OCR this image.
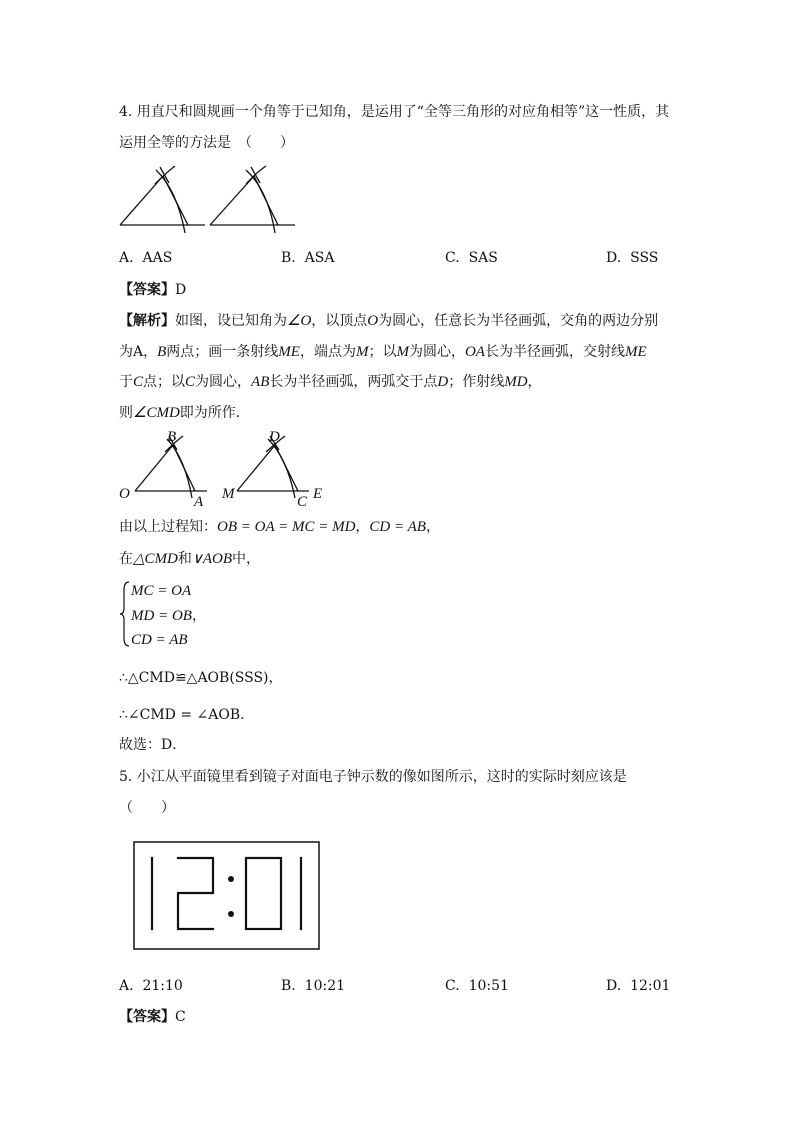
4. 用直尺和圆规画一个角等于已知角，是运用了“全等三角形的对应角相等”这一性质，其
运用全等的方法是　（　　）
A. AAS	B. ASA	C. SAS	D. SSS
【答案】D
【解析】如图，设已知角为∠O，以顶点O为圆心，任意长为半径画弧，交角的两边分别
为A，B两点；画一条射线ME，端点为M；以M为圆心，OA长为半径画弧，交射线ME
于C点；以C为圆心，AB长为半径画弧，两弧交于点D；作射线MD，
则∠CMD即为所作．
B
O	A
D
M	C E
由以上过程知：OB = OA = MC = MD，CD = AB，
在△CMD和∨AOB中，
MC = OA
MD = OB，
CD = AB
∴△CMD≌△AOB(SSS)，
∴∠CMD = ∠AOB．
故选：D．
5. 小江从平面镜里看到镜子对面电子钟示数的像如图所示，这时的实际时刻应该是
（　　）
A. 21:10	B. 10:21	C. 10:51	D. 12:01
【答案】C
